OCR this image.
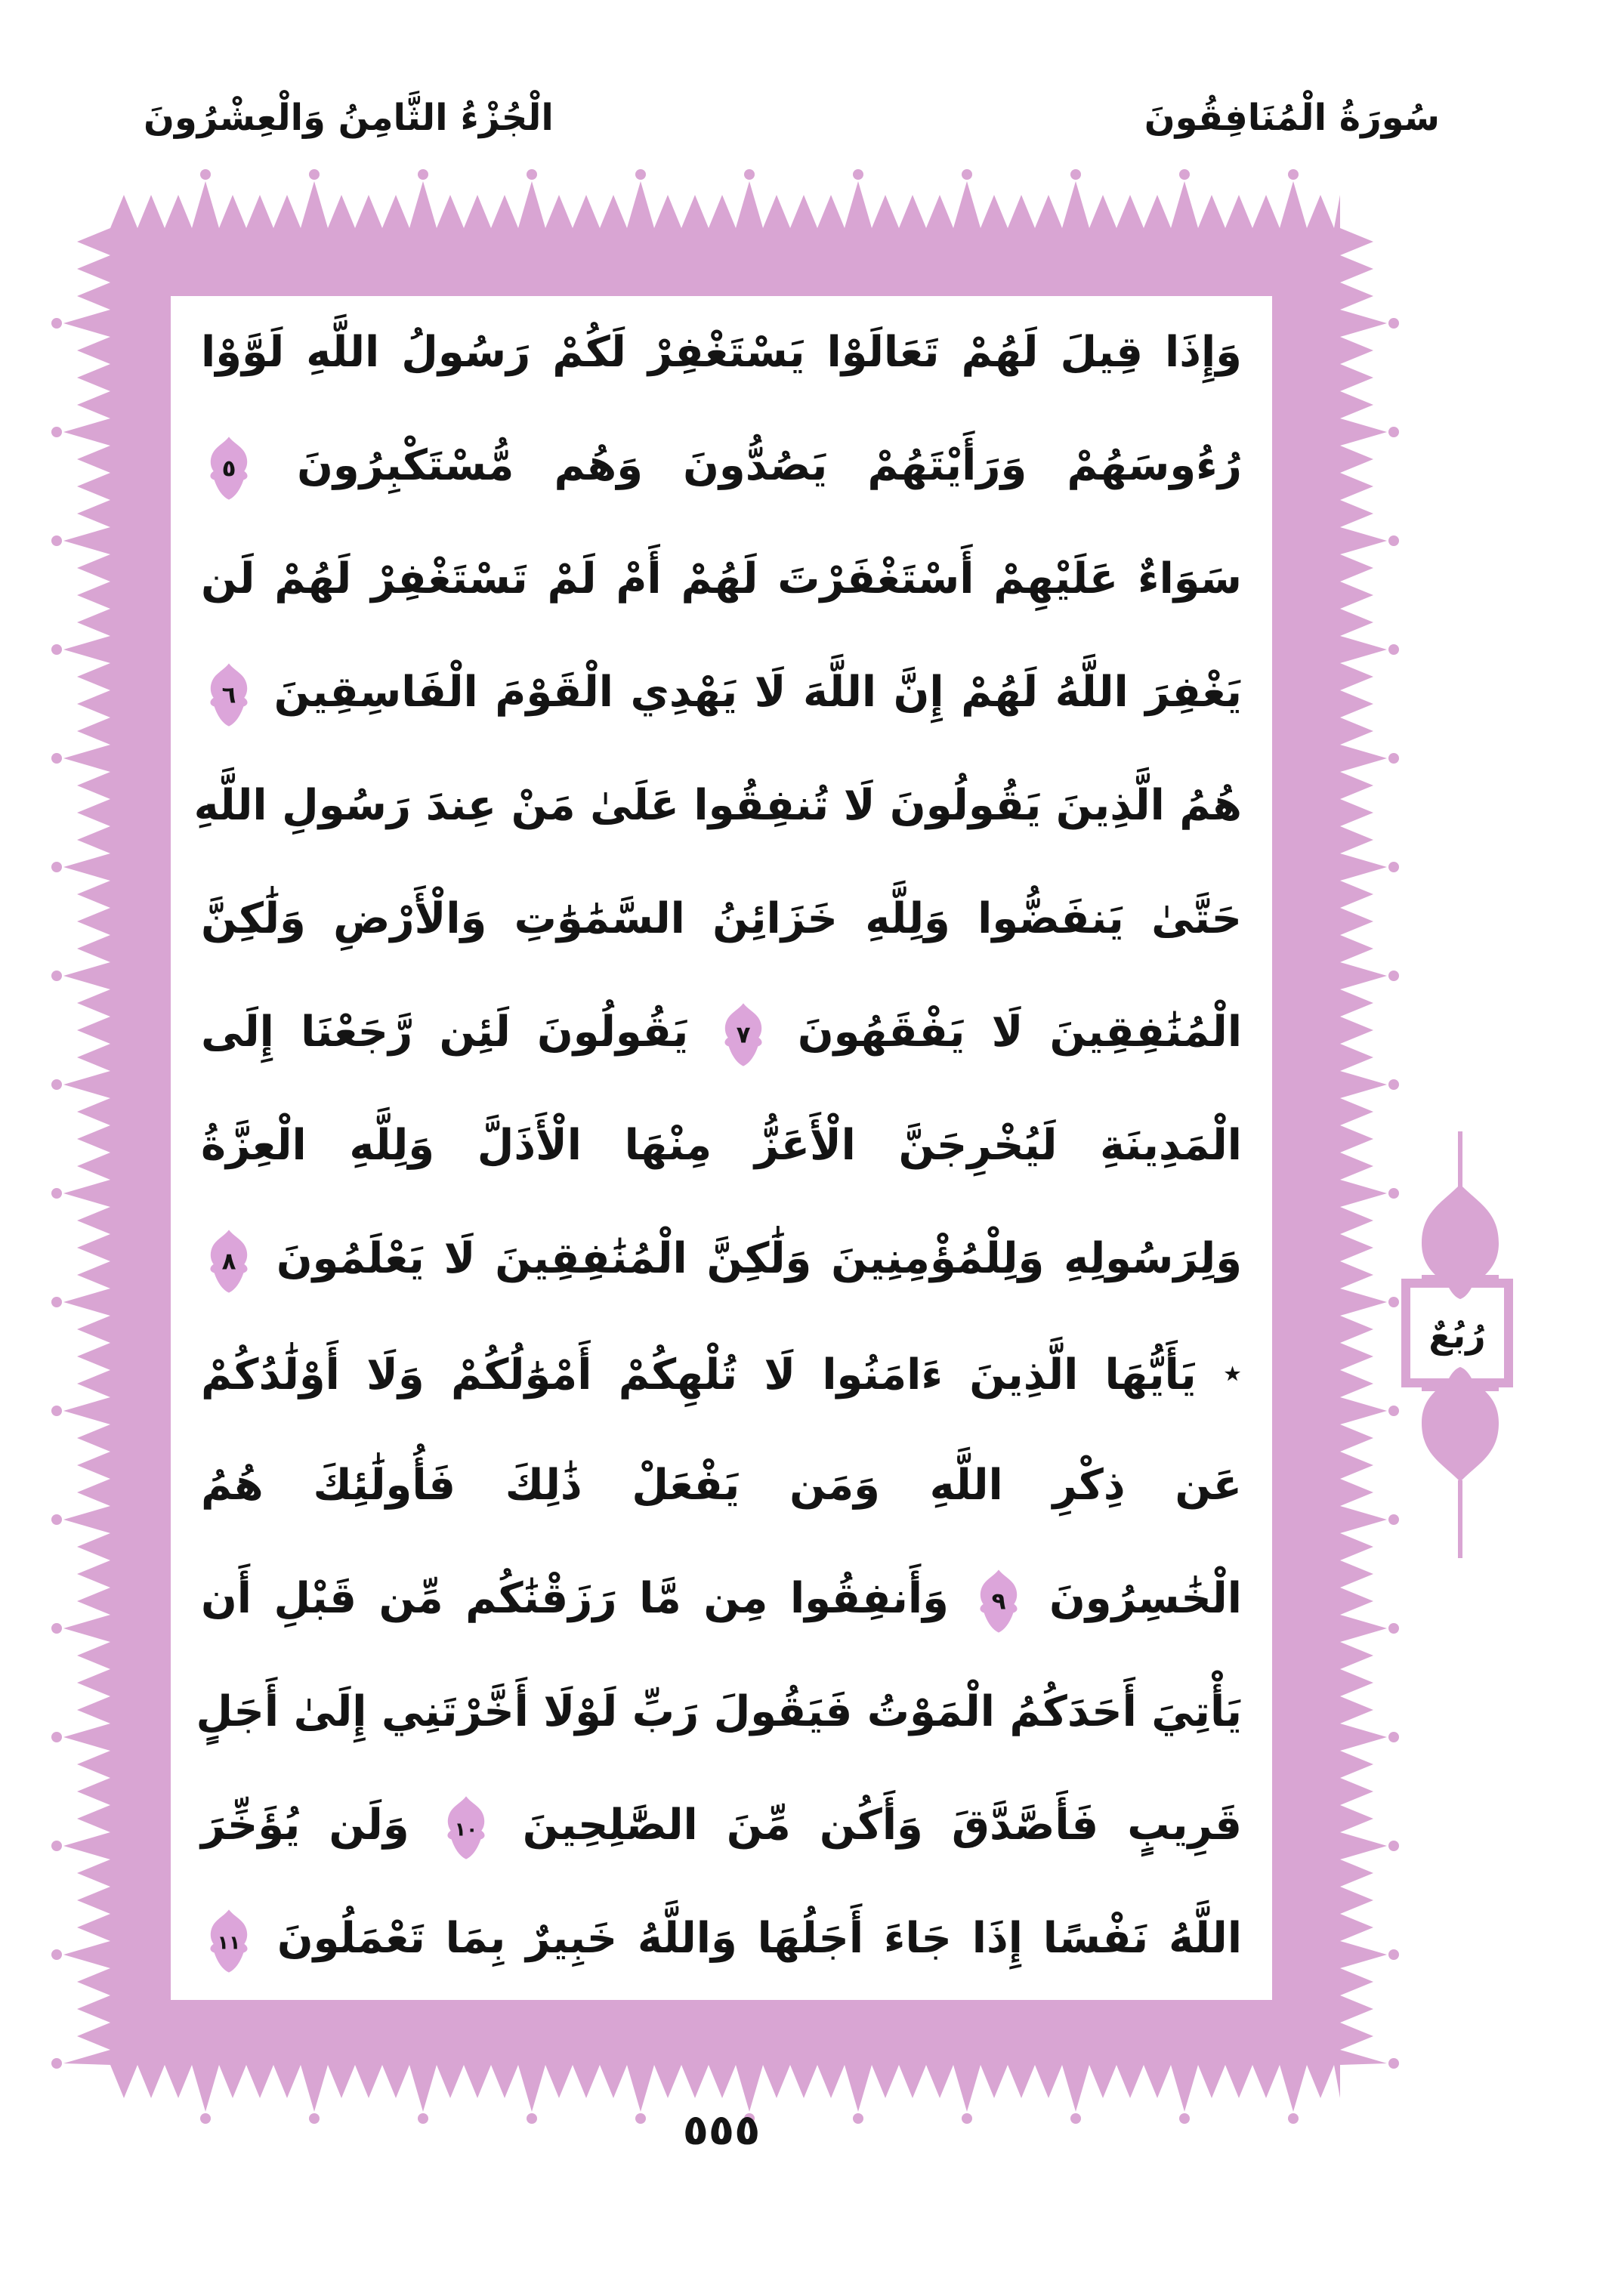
الْجُزْءُ الثَّامِنُ وَالْعِشْرُونَ	سُورَةُ الْمُنَافِقُونَ
وَإِذَا قِيلَ لَهُمْ تَعَالَوْا يَسْتَغْفِرْ لَكُمْ رَسُولُ اللَّهِ لَوَّوْا
رُءُوسَهُمْ وَرَأَيْتَهُمْ يَصُدُّونَ وَهُم مُّسْتَكْبِرُونَ
٥
سَوَاءٌ عَلَيْهِمْ أَسْتَغْفَرْتَ لَهُمْ أَمْ لَمْ تَسْتَغْفِرْ لَهُمْ لَن
يَغْفِرَ اللَّهُ لَهُمْ إِنَّ اللَّهَ لَا يَهْدِي الْقَوْمَ الْفَاسِقِينَ
٦
هُمُ الَّذِينَ يَقُولُونَ لَا تُنفِقُوا عَلَىٰ مَنْ عِندَ رَسُولِ اللَّهِ
حَتَّىٰ يَنفَضُّوا وَلِلَّهِ خَزَائِنُ السَّمَٰوَٰتِ وَالْأَرْضِ وَلَٰكِنَّ
الْمُنَٰفِقِينَ لَا يَفْقَهُونَ
٧
يَقُولُونَ لَئِن رَّجَعْنَا إِلَى
الْمَدِينَةِ لَيُخْرِجَنَّ الْأَعَزُّ مِنْهَا الْأَذَلَّ وَلِلَّهِ الْعِزَّةُ
وَلِرَسُولِهِ وَلِلْمُؤْمِنِينَ وَلَٰكِنَّ الْمُنَٰفِقِينَ لَا يَعْلَمُونَ
٨
٭ يَأَيُّهَا الَّذِينَ ءَامَنُوا لَا تُلْهِكُمْ أَمْوَٰلُكُمْ وَلَا أَوْلَٰدُكُمْ
عَن ذِكْرِ اللَّهِ وَمَن يَفْعَلْ ذَٰلِكَ فَأُولَٰئِكَ هُمُ
الْخَٰسِرُونَ
٩
وَأَنفِقُوا مِن مَّا رَزَقْنَٰكُم مِّن قَبْلِ أَن
يَأْتِيَ أَحَدَكُمُ الْمَوْتُ فَيَقُولَ رَبِّ لَوْلَا أَخَّرْتَنِي إِلَىٰ أَجَلٍ
قَرِيبٍ فَأَصَّدَّقَ وَأَكُن مِّنَ الصَّٰلِحِينَ
١٠
وَلَن يُؤَخِّرَ
اللَّهُ نَفْسًا إِذَا جَاءَ أَجَلُهَا وَاللَّهُ خَبِيرٌ بِمَا تَعْمَلُونَ
١١
رُبُعٌ
٥٥٥
